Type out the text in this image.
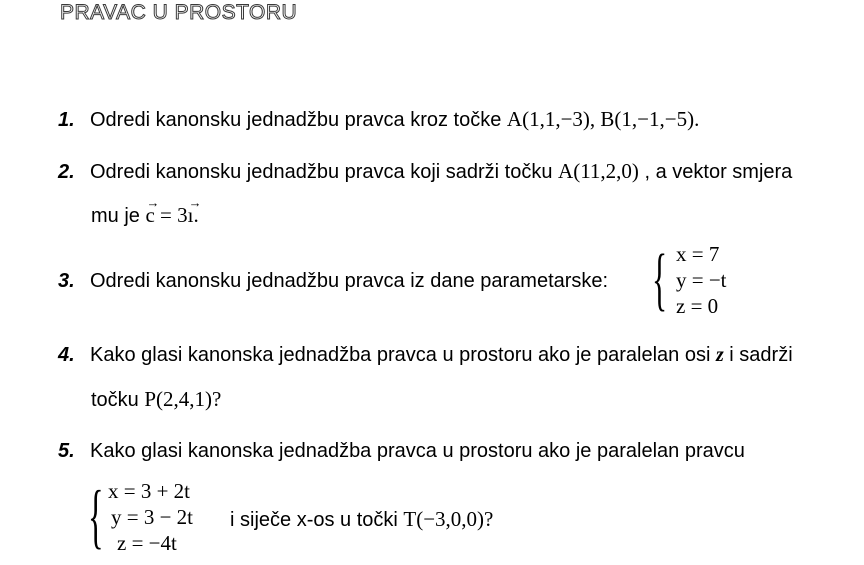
PRAVAC U PROSTORU
1. Odredi kanonsku jednadžbu pravca kroz točke A(1,1,−3), B(1,−1,−5).
2. Odredi kanonsku jednadžbu pravca koji sadrži točku A(11,2,0) , a vektor smjera
mu je c → = 3ı →.
3. Odredi kanonsku jednadžbu pravca iz dane parametarske: { x = 7
y = −t
z = 0
4. Kako glasi kanonska jednadžba pravca u prostoru ako je paralelan osi z i sadrži
točku P(2,4,1)?
5. Kako glasi kanonska jednadžba pravca u prostoru ako je paralelan pravcu
{ x = 3 + 2t
y = 3 − 2t
z = −4t
i siječe x-os u točki T(−3,0,0)?
